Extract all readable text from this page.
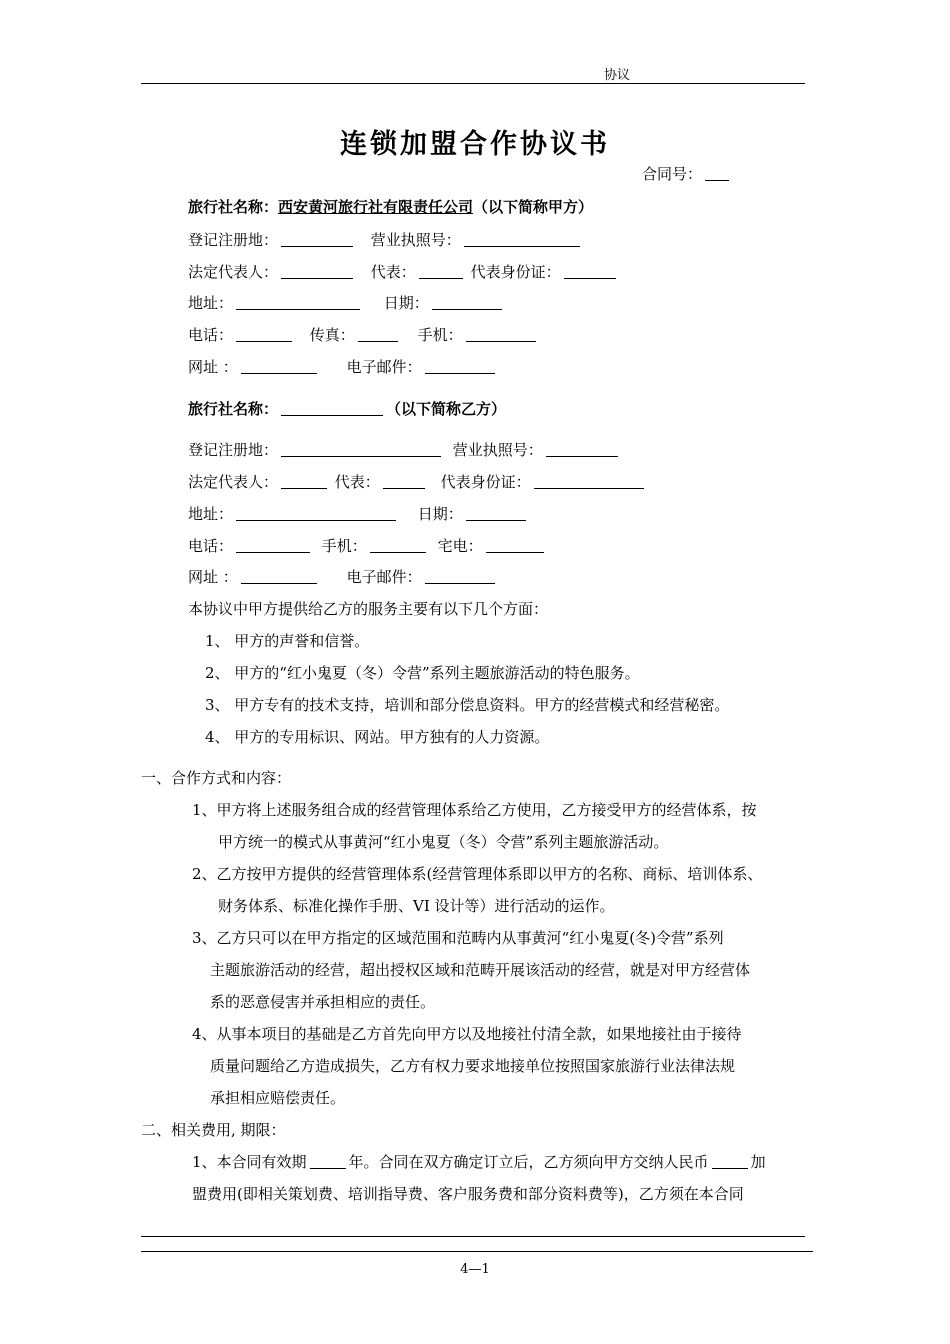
协议
连锁加盟合作协议书
合同号：
旅行社名称：西安黄河旅行社有限责任公司（以下简称甲方）
登记注册地：	营业执照号：
法定代表人：	代表：	代表身份证：
地址：	日期：
电话：	传真：	手机：
网址 ：	电子邮件：
旅行社名称：	（以下简称乙方）
登记注册地：	营业执照号：
法定代表人：	代表：	代表身份证：
地址：	日期：
电话：	手机：	宅电：
网址 ：	电子邮件：
本协议中甲方提供给乙方的服务主要有以下几个方面：
1、 甲方的声誉和信誉。
2、 甲方的“红小鬼夏（冬）令营”系列主题旅游活动的特色服务。
3、 甲方专有的技术支持，培训和部分偿息资料。甲方的经营模式和经营秘密。
4、 甲方的专用标识、网站。甲方独有的人力资源。
一、合作方式和内容：
1、甲方将上述服务组合成的经营管理体系给乙方使用，乙方接受甲方的经营体系，按
甲方统一的模式从事黄河“红小鬼夏（冬）令营”系列主题旅游活动。
2、乙方按甲方提供的经营管理体系(经营管理体系即以甲方的名称、商标、培训体系、
财务体系、标准化操作手册、VI 设计等）进行活动的运作。
3、乙方只可以在甲方指定的区域范围和范畴内从事黄河“红小鬼夏(冬)令营”系列
主题旅游活动的经营，超出授权区域和范畴开展该活动的经营，就是对甲方经营体
系的恶意侵害并承担相应的责任。
4、从事本项目的基础是乙方首先向甲方以及地接社付清全款，如果地接社由于接待
质量问题给乙方造成损失，乙方有权力要求地接单位按照国家旅游行业法律法规
承担相应赔偿责任。
二、相关费用, 期限：
1、本合同有效期	年。合同在双方确定订立后，乙方须向甲方交纳人民币	加
盟费用(即相关策划费、培训指导费、客户服务费和部分资料费等)，乙方须在本合同
4—1
